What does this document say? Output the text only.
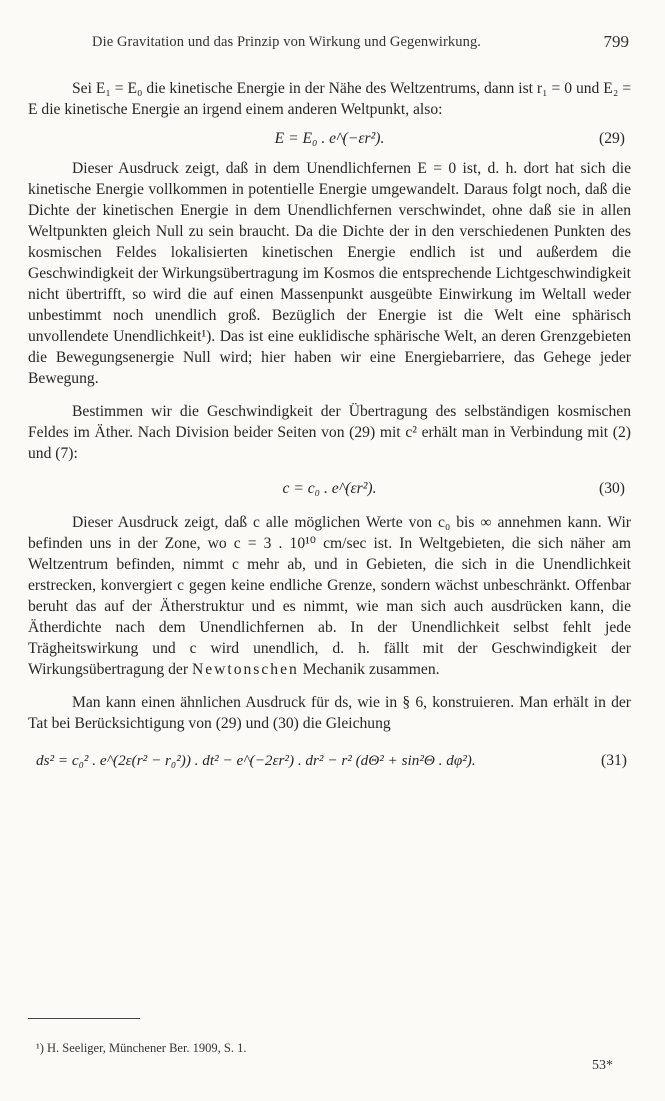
Die Gravitation und das Prinzip von Wirkung und Gegenwirkung.	799

Sei E₁ = E₀ die kinetische Energie in der Nähe des Weltzentrums, dann ist r₁ = 0 und E₂ = E die kinetische Energie an irgend einem anderen Weltpunkt, also:

E = E₀ . e^(−εr²).	(29)

Dieser Ausdruck zeigt, daß in dem Unendlichfernen E = 0 ist, d. h. dort hat sich die kinetische Energie vollkommen in potentielle Energie umgewandelt. Daraus folgt noch, daß die Dichte der kinetischen Energie in dem Unendlichfernen verschwindet, ohne daß sie in allen Weltpunkten gleich Null zu sein braucht. Da die Dichte der in den verschiedenen Punkten des kosmischen Feldes lokalisierten kinetischen Energie endlich ist und außerdem die Geschwindigkeit der Wirkungsübertragung im Kosmos die entsprechende Lichtgeschwindigkeit nicht übertrifft, so wird die auf einen Massenpunkt ausgeübte Einwirkung im Weltall weder unbestimmt noch unendlich groß. Bezüglich der Energie ist die Welt eine sphärisch unvollendete Unendlichkeit¹). Das ist eine euklidische sphärische Welt, an deren Grenzgebieten die Bewegungsenergie Null wird; hier haben wir eine Energiebarriere, das Gehege jeder Bewegung.

Bestimmen wir die Geschwindigkeit der Übertragung des selbständigen kosmischen Feldes im Äther. Nach Division beider Seiten von (29) mit c² erhält man in Verbindung mit (2) und (7):

c = c₀ . e^(εr²).	(30)

Dieser Ausdruck zeigt, daß c alle möglichen Werte von c₀ bis ∞ annehmen kann. Wir befinden uns in der Zone, wo c = 3 . 10¹⁰ cm/sec ist. In Weltgebieten, die sich näher am Weltzentrum befinden, nimmt c mehr ab, und in Gebieten, die sich in die Unendlichkeit erstrecken, konvergiert c gegen keine endliche Grenze, sondern wächst unbeschränkt. Offenbar beruht das auf der Ätherstruktur und es nimmt, wie man sich auch ausdrücken kann, die Ätherdichte nach dem Unendlichfernen ab. In der Unendlichkeit selbst fehlt jede Trägheitswirkung und c wird unendlich, d. h. fällt mit der Geschwindigkeit der Wirkungsübertragung der Newtonschen Mechanik zusammen.

Man kann einen ähnlichen Ausdruck für ds, wie in § 6, konstruieren. Man erhält in der Tat bei Berücksichtigung von (29) und (30) die Gleichung

ds² = c₀² . e^(2ε(r² − r₀²)) . dt² − e^(−2εr²) . dr² − r² (dΘ² + sin²Θ . dφ²).	(31)
¹) H. Seeliger, Münchener Ber. 1909, S. 1.
53*
